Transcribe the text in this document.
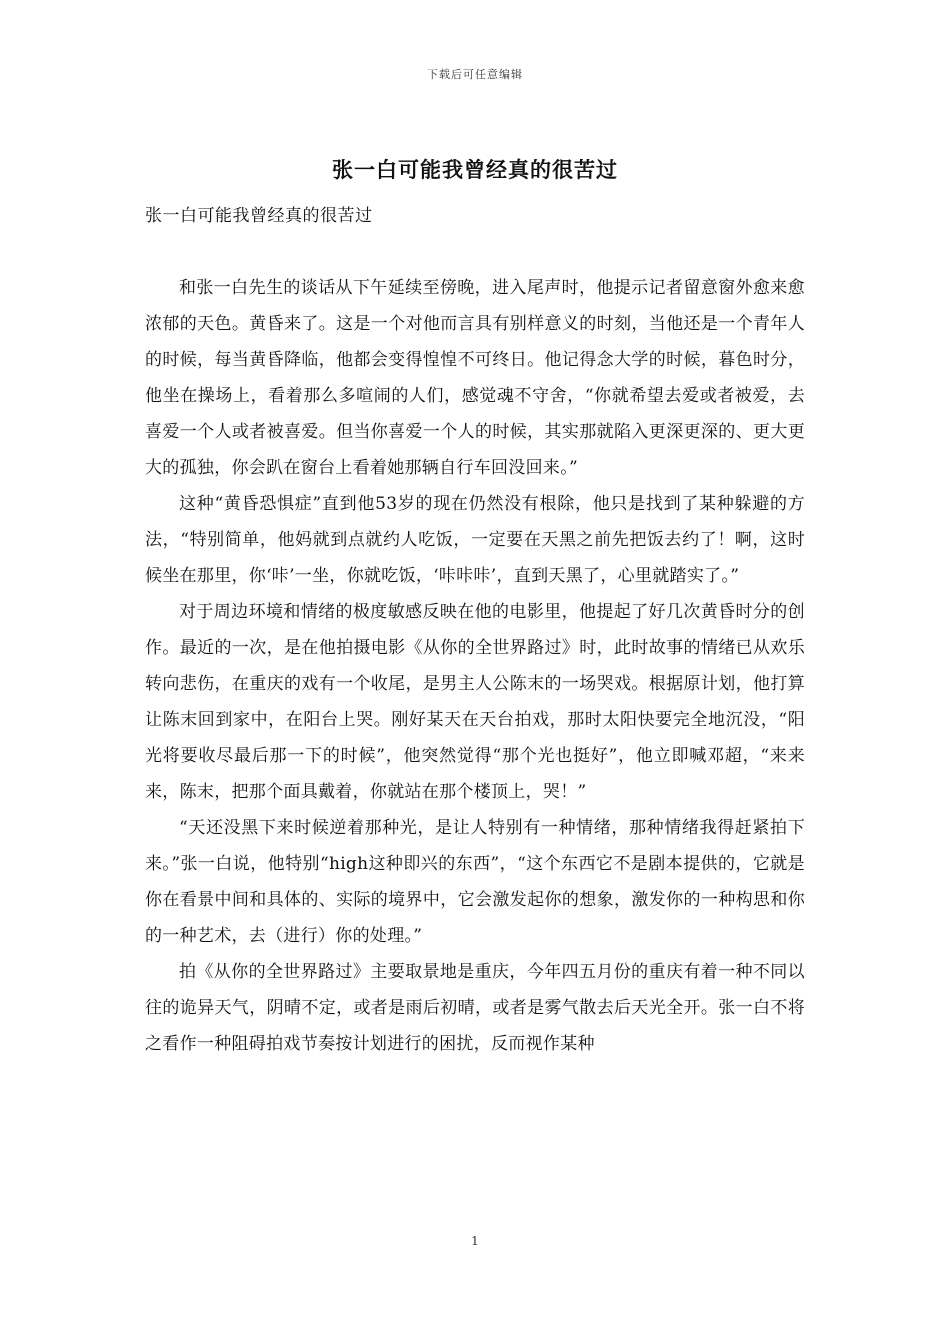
下载后可任意编辑
张一白可能我曾经真的很苦过
张一白可能我曾经真的很苦过

和张一白先生的谈话从下午延续至傍晚，进入尾声时，他提示记者留意窗外愈来愈浓郁的天色。黄昏来了。这是一个对他而言具有别样意义的时刻，当他还是一个青年人的时候，每当黄昏降临，他都会变得惶惶不可终日。他记得念大学的时候，暮色时分，他坐在操场上，看着那么多喧闹的人们，感觉魂不守舍，“你就希望去爱或者被爱，去喜爱一个人或者被喜爱。但当你喜爱一个人的时候，其实那就陷入更深更深的、更大更大的孤独，你会趴在窗台上看着她那辆自行车回没回来。”

这种“黄昏恐惧症”直到他53岁的现在仍然没有根除，他只是找到了某种躲避的方法，“特别简单，他妈就到点就约人吃饭，一定要在天黑之前先把饭去约了！啊，这时候坐在那里，你‘咔’一坐，你就吃饭，‘咔咔咔’，直到天黑了，心里就踏实了。”

对于周边环境和情绪的极度敏感反映在他的电影里，他提起了好几次黄昏时分的创作。最近的一次，是在他拍摄电影《从你的全世界路过》时，此时故事的情绪已从欢乐转向悲伤，在重庆的戏有一个收尾，是男主人公陈末的一场哭戏。根据原计划，他打算让陈末回到家中，在阳台上哭。刚好某天在天台拍戏，那时太阳快要完全地沉没，“阳光将要收尽最后那一下的时候”，他突然觉得“那个光也挺好”，他立即喊邓超，“来来来，陈末，把那个面具戴着，你就站在那个楼顶上，哭！”

“天还没黑下来时候逆着那种光，是让人特别有一种情绪，那种情绪我得赶紧拍下来。”张一白说，他特别“high这种即兴的东西”，“这个东西它不是剧本提供的，它就是你在看景中间和具体的、实际的境界中，它会激发起你的想象，激发你的一种构思和你的一种艺术，去（进行）你的处理。”

拍《从你的全世界路过》主要取景地是重庆，今年四五月份的重庆有着一种不同以往的诡异天气，阴晴不定，或者是雨后初晴，或者是雾气散去后天光全开。张一白不将之看作一种阻碍拍戏节奏按计划进行的困扰，反而视作某种

1
